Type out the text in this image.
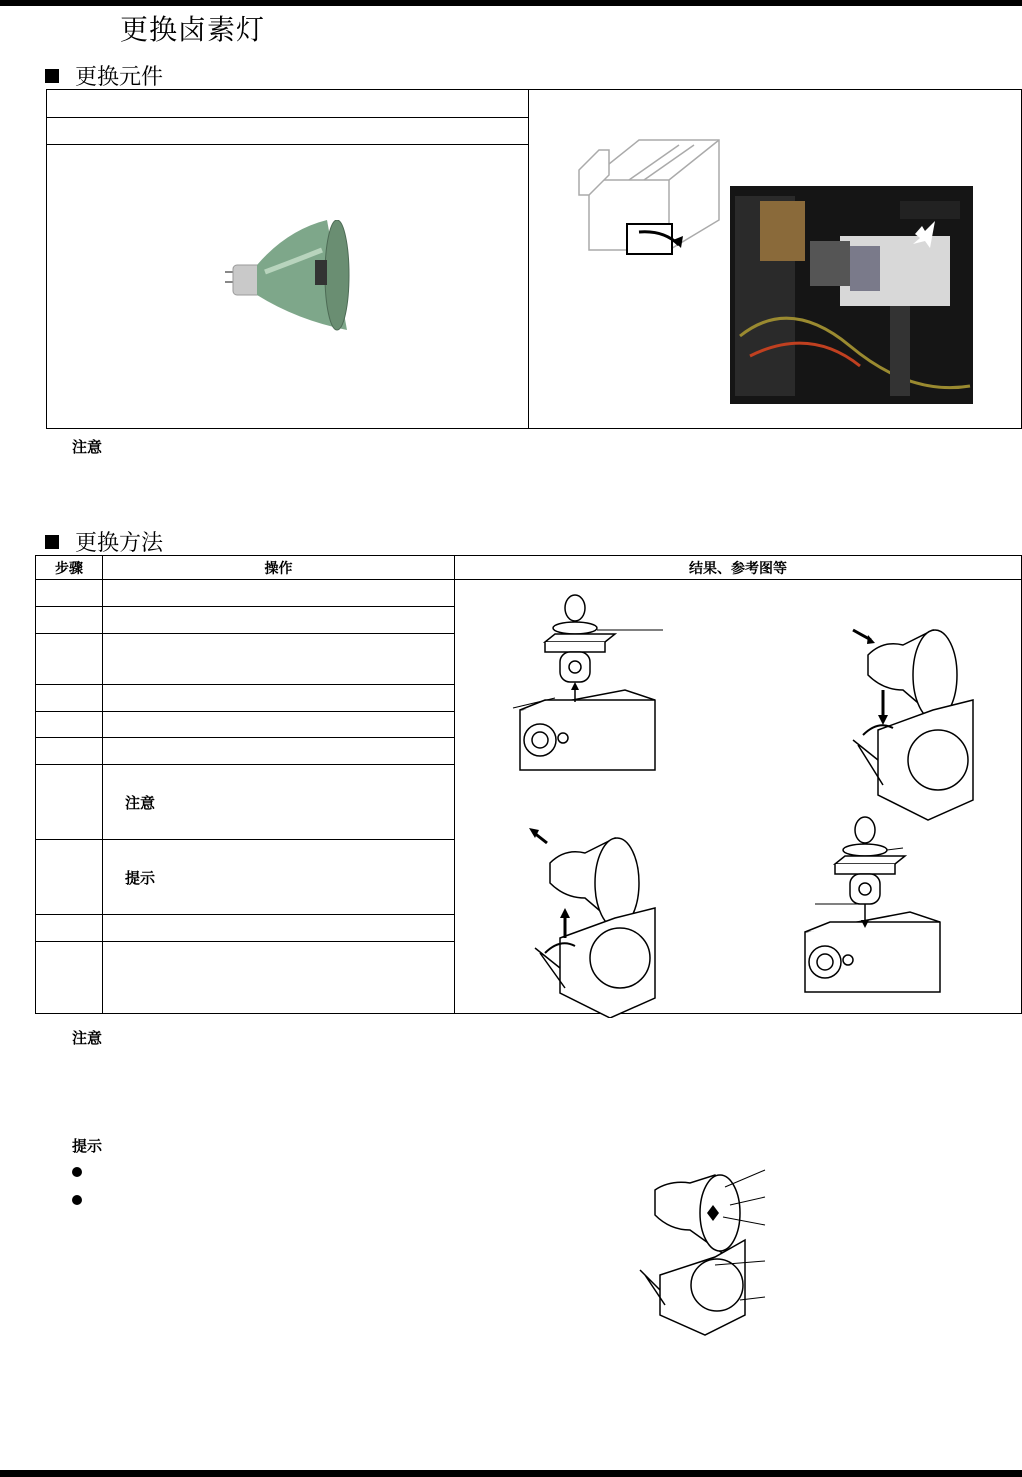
更换卤素灯
更换元件

注意
更换方法
步骤	操作	结果、参考图等

	注意	
	提示	

注意
提示
